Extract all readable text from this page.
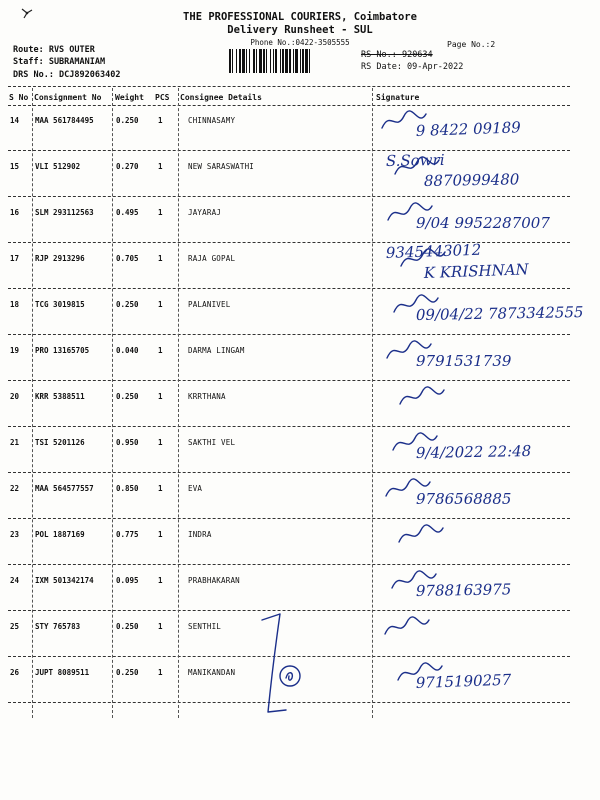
THE PROFESSIONAL COURIERS, Coimbatore
Delivery Runsheet - SUL
Phone No.:0422-3505555	Page No.:2
Route: RVS OUTER
Staff: SUBRAMANIAM
DRS No.: DCJ892063402
RS No.: 920634
RS Date: 09-Apr-2022
S No Consignment No Weight PCS Consignee Details	Signature
14 MAA 561784495	0.250	1	CHINNASAMY	9 8422 09189
15 VLI 512902	0.270	1	NEW SARASWATHI	S.Sowri
8870999480
16 SLM 293112563	0.495	1	JAYARAJ
9/04 9952287007
17 RJP 2913296	0.705	1	RAJA GOPAL	9345443012
K KRISHNAN
18 TCG 3019815	0.250	1	PALANIVEL	09/04/22 7873342555
19 PRO 13165705	0.040	1	DARMA LINGAM
9791531739
20 KRR 5388511	0.250	1	KRRTHANA
21 TSI 5201126	0.950	1	SAKTHI VEL	9/4/2022 22:48
22 MAA 564577557	0.850	1	EVA
9786568885
23 POL 1887169	0.775	1	INDRA
24 IXM 501342174	0.095	1	PRABHAKARAN	9788163975
25 STY 765783	0.250	1	SENTHIL
26 JUPT 8089511	0.250	1	MANIKANDAN	9715190257
